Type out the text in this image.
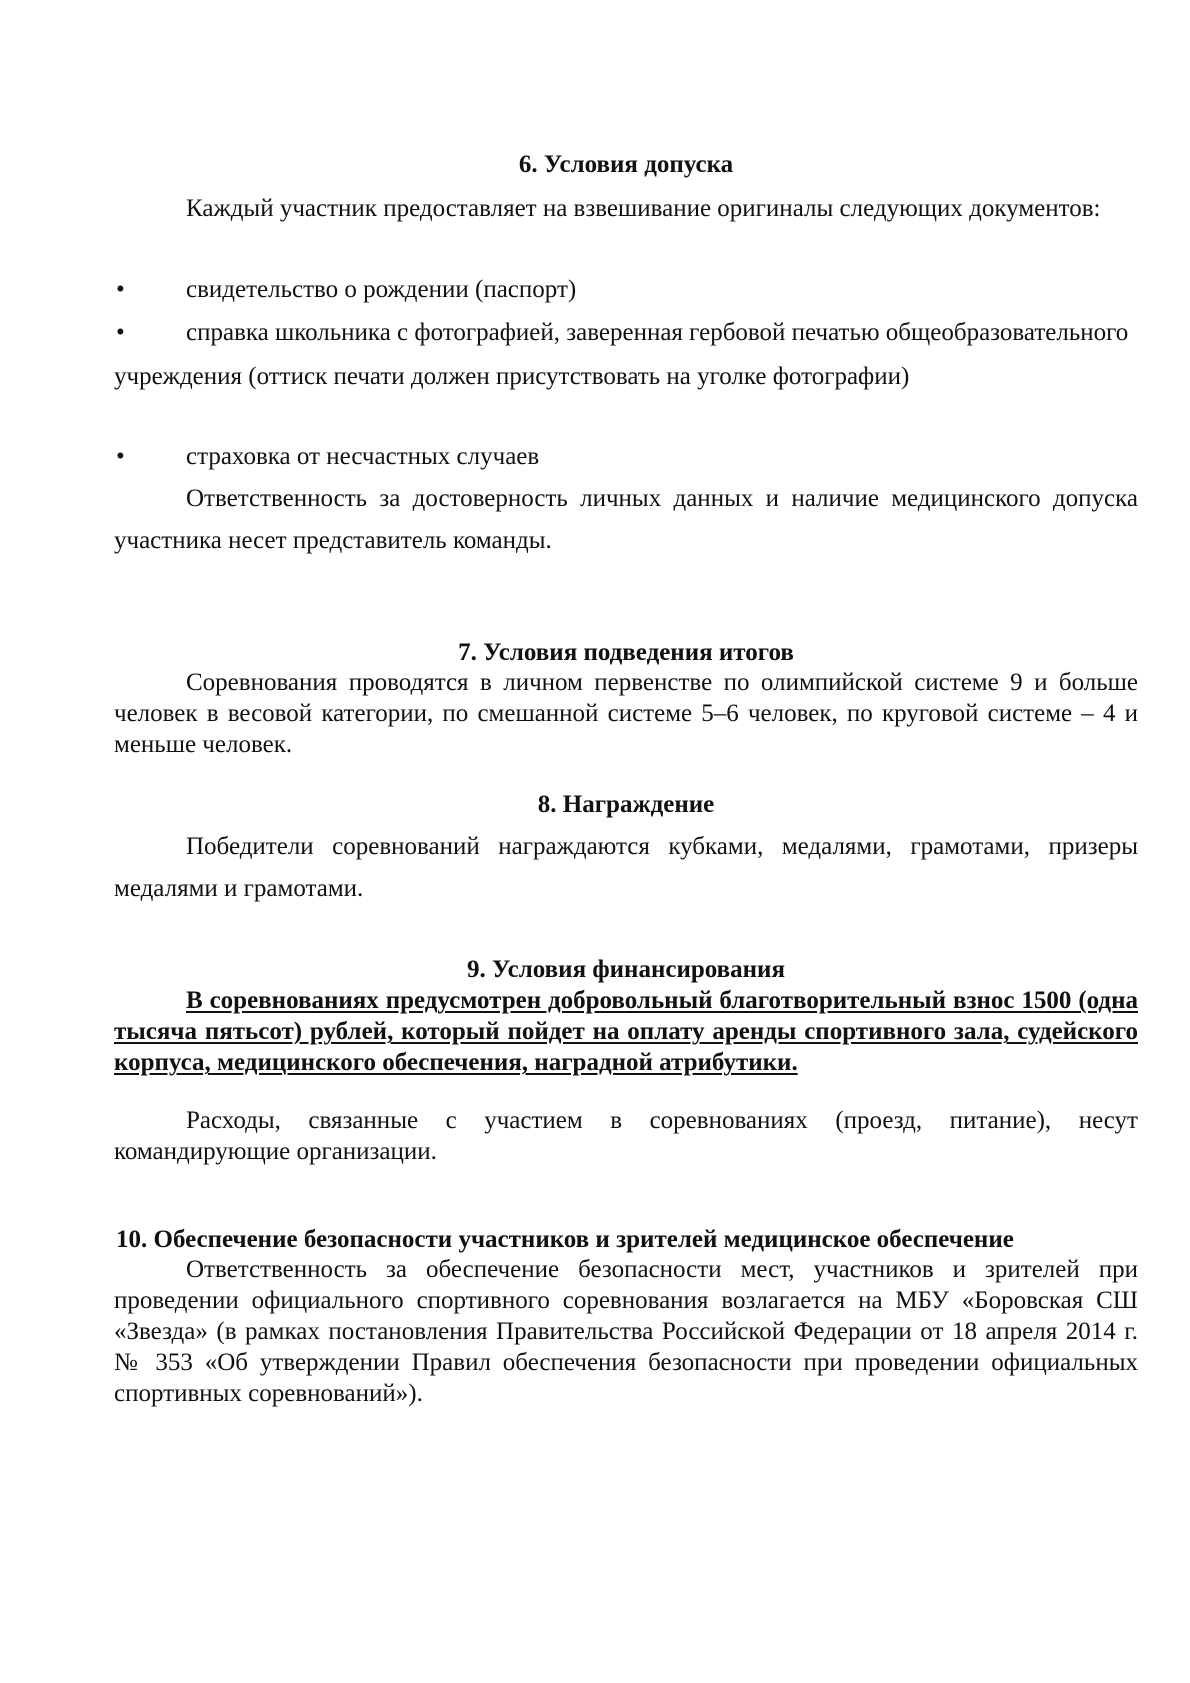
6. Условия допуска
Каждый участник предоставляет на взвешивание оригиналы следующих документов:
•	свидетельство о рождении (паспорт)
•	справка школьника с фотографией, заверенная гербовой печатью общеобразовательного учреждения (оттиск печати должен присутствовать на уголке фотографии)
•	страховка от несчастных случаев
Ответственность за достоверность личных данных и наличие медицинского допуска участника несет представитель команды.
7. Условия подведения итогов
Соревнования проводятся в личном первенстве по олимпийской системе 9 и больше человек в весовой категории, по смешанной системе 5–6 человек, по круговой системе – 4 и меньше человек.
8. Награждение
Победители соревнований награждаются кубками, медалями, грамотами, призеры медалями и грамотами.
9. Условия финансирования
В соревнованиях предусмотрен добровольный благотворительный взнос 1500 (одна тысяча пятьсот) рублей, который пойдет на оплату аренды спортивного зала, судейского корпуса, медицинского обеспечения, наградной атрибутики.
Расходы, связанные с участием в соревнованиях (проезд, питание), несут командирующие организации.
10. Обеспечение безопасности участников и зрителей медицинское обеспечение
Ответственность за обеспечение безопасности мест, участников и зрителей при проведении официального спортивного соревнования возлагается на МБУ «Боровская СШ «Звезда» (в рамках постановления Правительства Российской Федерации от 18 апреля 2014 г. № 353 «Об утверждении Правил обеспечения безопасности при проведении официальных спортивных соревнований»).
